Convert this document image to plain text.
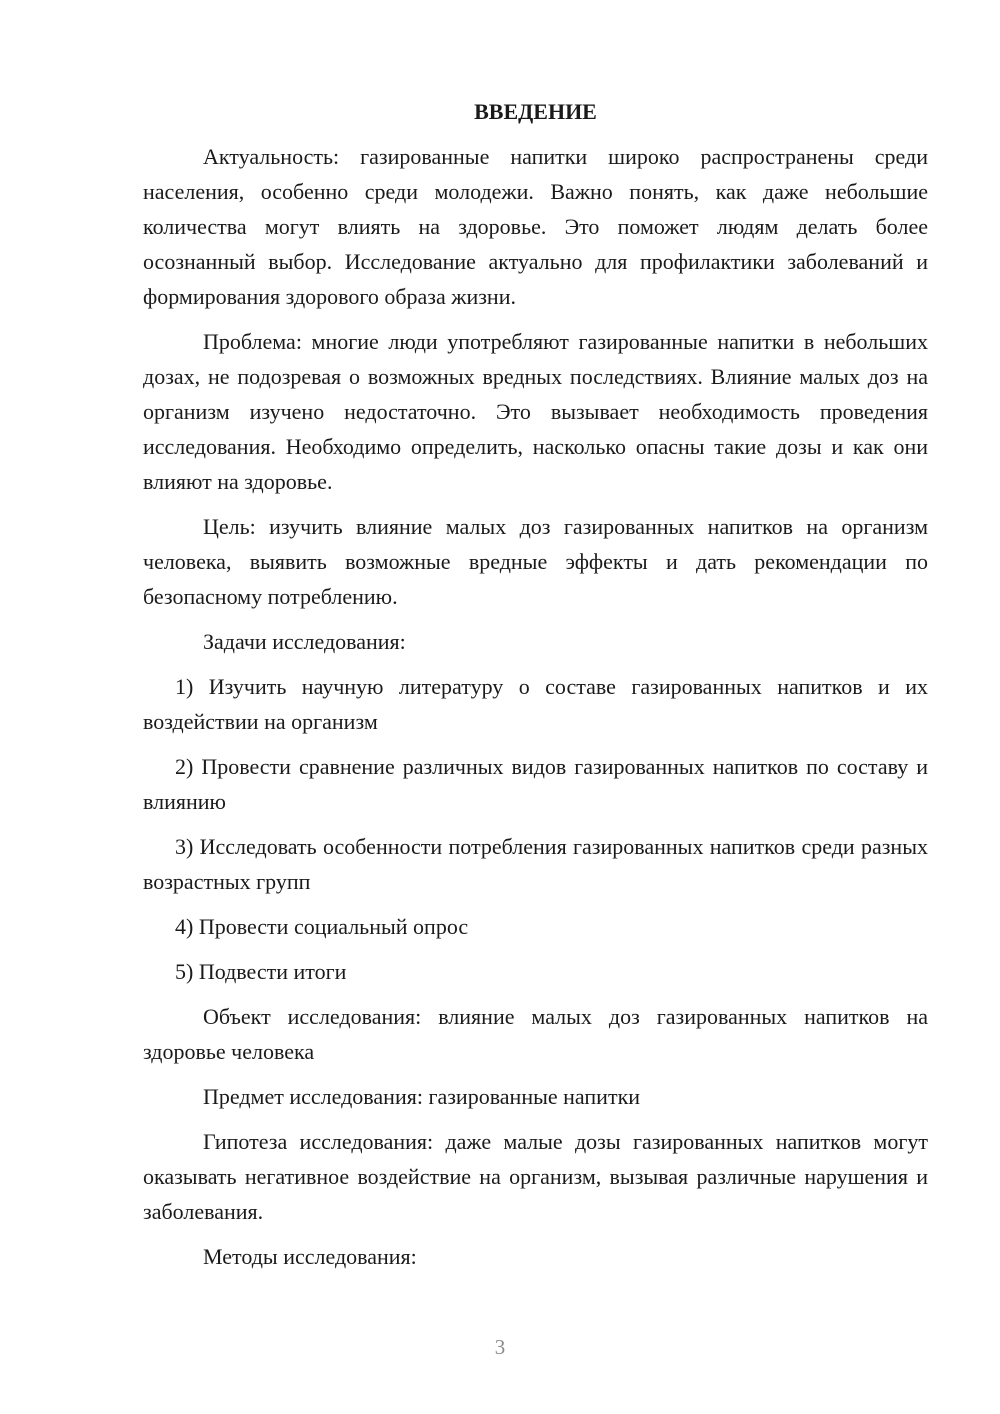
ВВЕДЕНИЕ

Актуальность: газированные напитки широко распространены среди населения, особенно среди молодежи. Важно понять, как даже небольшие количества могут влиять на здоровье. Это поможет людям делать более осознанный выбор. Исследование актуально для профилактики заболеваний и формирования здорового образа жизни.

Проблема: многие люди употребляют газированные напитки в небольших дозах, не подозревая о возможных вредных последствиях. Влияние малых доз на организм изучено недостаточно. Это вызывает необходимость проведения исследования. Необходимо определить, насколько опасны такие дозы и как они влияют на здоровье.

Цель: изучить влияние малых доз газированных напитков на организм человека, выявить возможные вредные эффекты и дать рекомендации по безопасному потреблению.

Задачи исследования:

1) Изучить научную литературу о составе газированных напитков и их воздействии на организм

2) Провести сравнение различных видов газированных напитков по составу и влиянию

3) Исследовать особенности потребления газированных напитков среди разных возрастных групп

4) Провести социальный опрос

5) Подвести итоги

Объект исследования: влияние малых доз газированных напитков на здоровье человека

Предмет исследования: газированные напитки

Гипотеза исследования: даже малые дозы газированных напитков могут оказывать негативное воздействие на организм, вызывая различные нарушения и заболевания.

Методы исследования:

3
